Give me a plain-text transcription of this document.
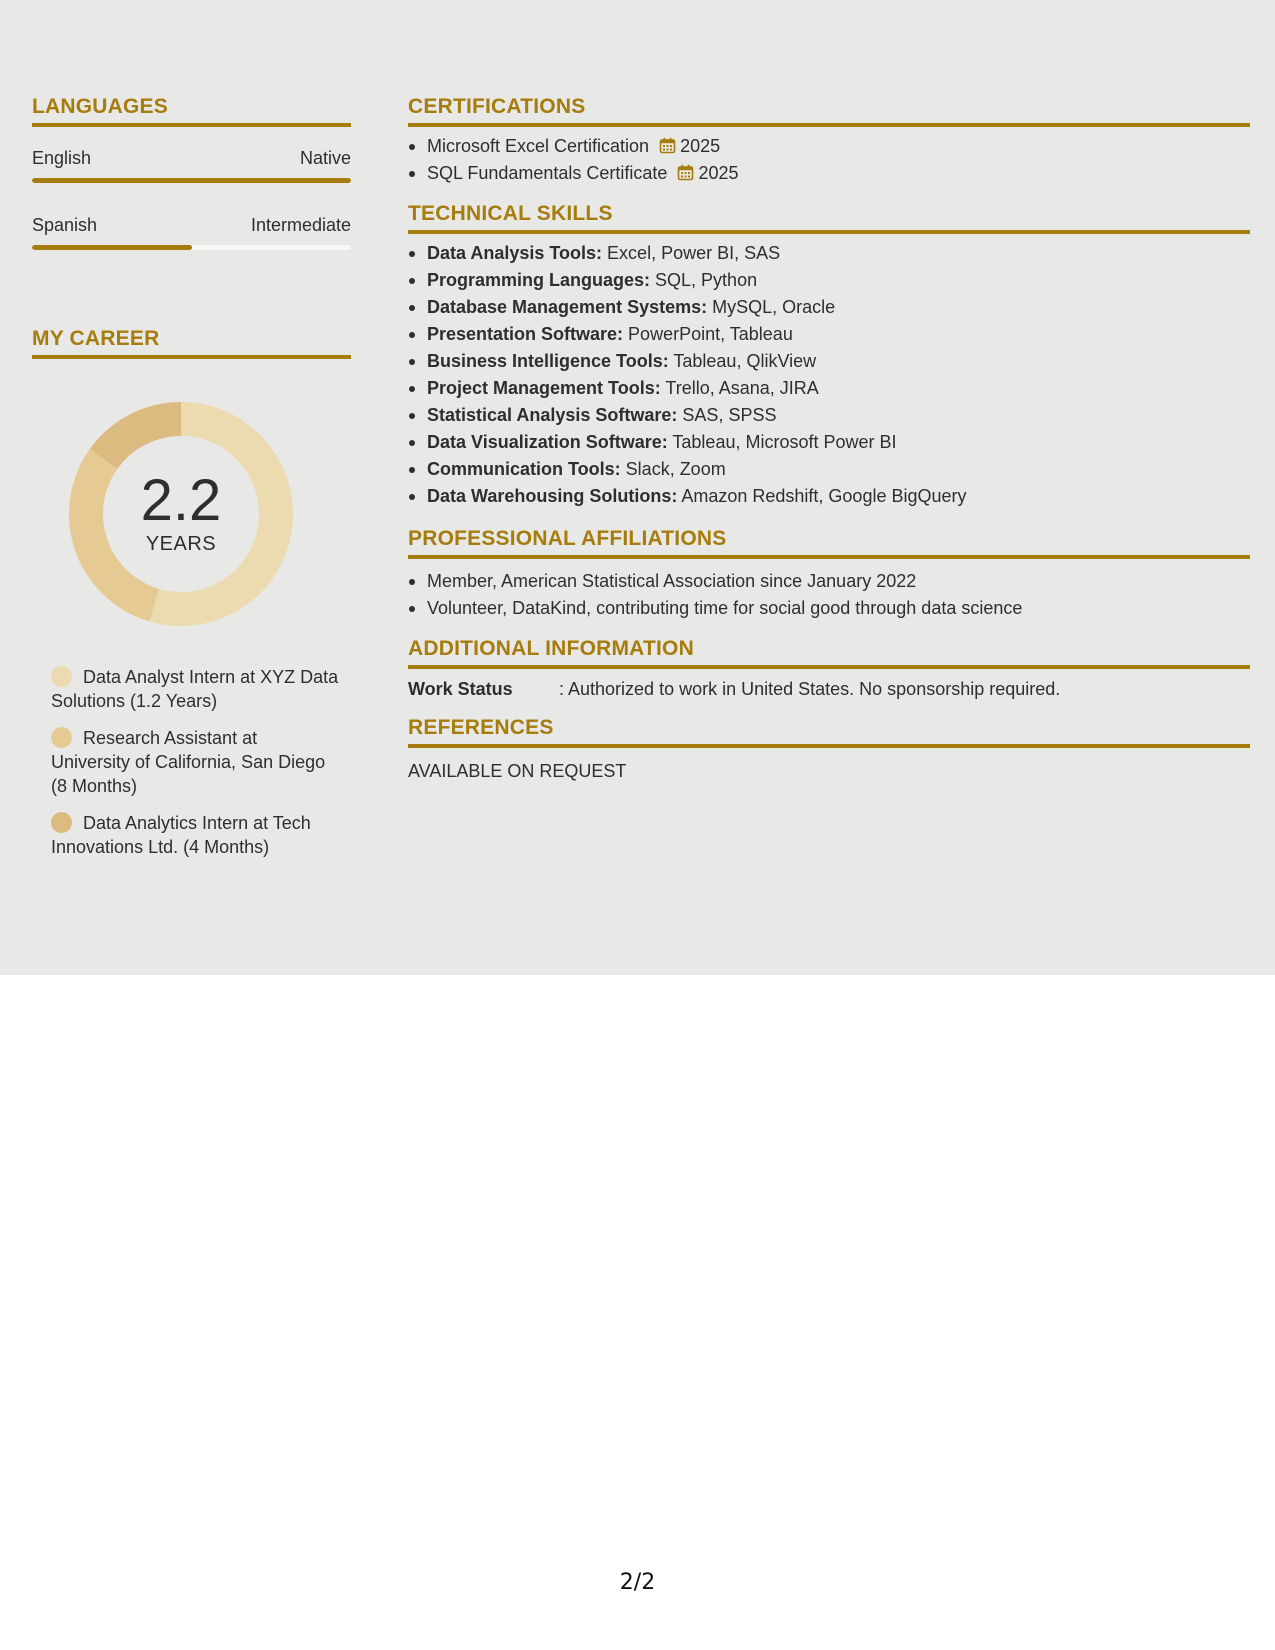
LANGUAGES
English	Native
Spanish	Intermediate
MY CAREER
2.2
YEARS
Data Analyst Intern at XYZ Data Solutions (1.2 Years)
Research Assistant at University of California, San Diego (8 Months)
Data Analytics Intern at Tech Innovations Ltd. (4 Months)
CERTIFICATIONS
Microsoft Excel Certification 2025
SQL Fundamentals Certificate 2025
TECHNICAL SKILLS
Data Analysis Tools: Excel, Power BI, SAS
Programming Languages: SQL, Python
Database Management Systems: MySQL, Oracle
Presentation Software: PowerPoint, Tableau
Business Intelligence Tools: Tableau, QlikView
Project Management Tools: Trello, Asana, JIRA
Statistical Analysis Software: SAS, SPSS
Data Visualization Software: Tableau, Microsoft Power BI
Communication Tools: Slack, Zoom
Data Warehousing Solutions: Amazon Redshift, Google BigQuery
PROFESSIONAL AFFILIATIONS
Member, American Statistical Association since January 2022
Volunteer, DataKind, contributing time for social good through data science
ADDITIONAL INFORMATION
Work Status	: Authorized to work in United States. No sponsorship required.
REFERENCES
AVAILABLE ON REQUEST
2/2
